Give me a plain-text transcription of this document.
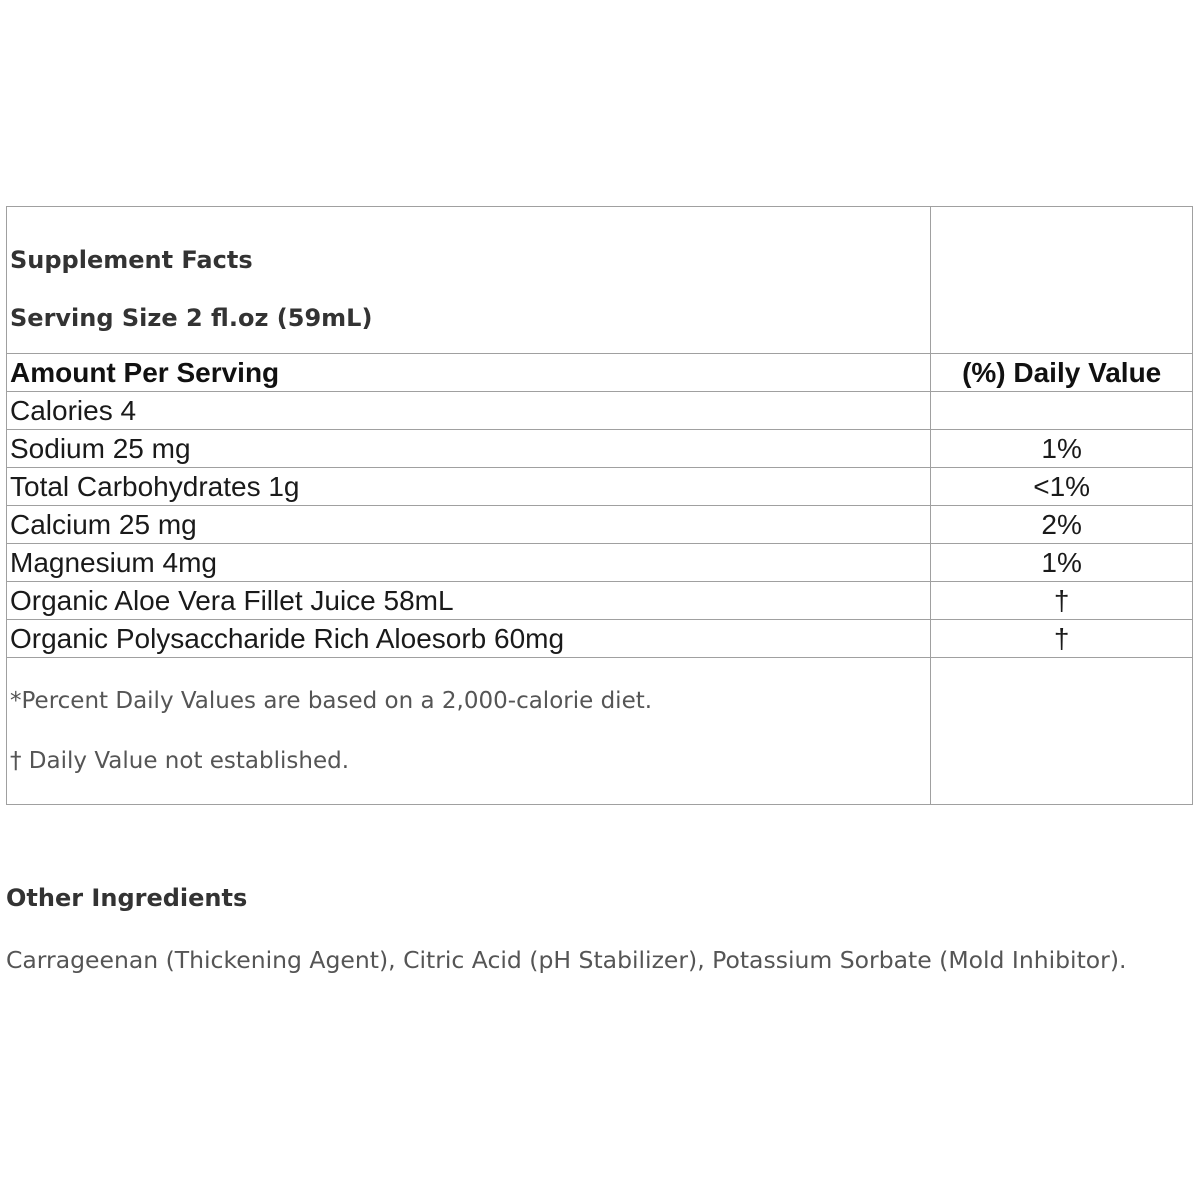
Supplement Facts
Serving Size 2 fl.oz (59mL)	

Amount Per Serving	(%) Daily Value
Calories 4	
Sodium 25 mg	1%
Total Carbohydrates 1g	<1%
Calcium 25 mg	2%
Magnesium 4mg	1%
Organic Aloe Vera Fillet Juice 58mL	†
Organic Polysaccharide Rich Aloesorb 60mg	†

*Percent Daily Values are based on a 2,000-calorie diet.
† Daily Value not established.	

Other Ingredients
Carrageenan (Thickening Agent), Citric Acid (pH Stabilizer), Potassium Sorbate (Mold Inhibitor).
